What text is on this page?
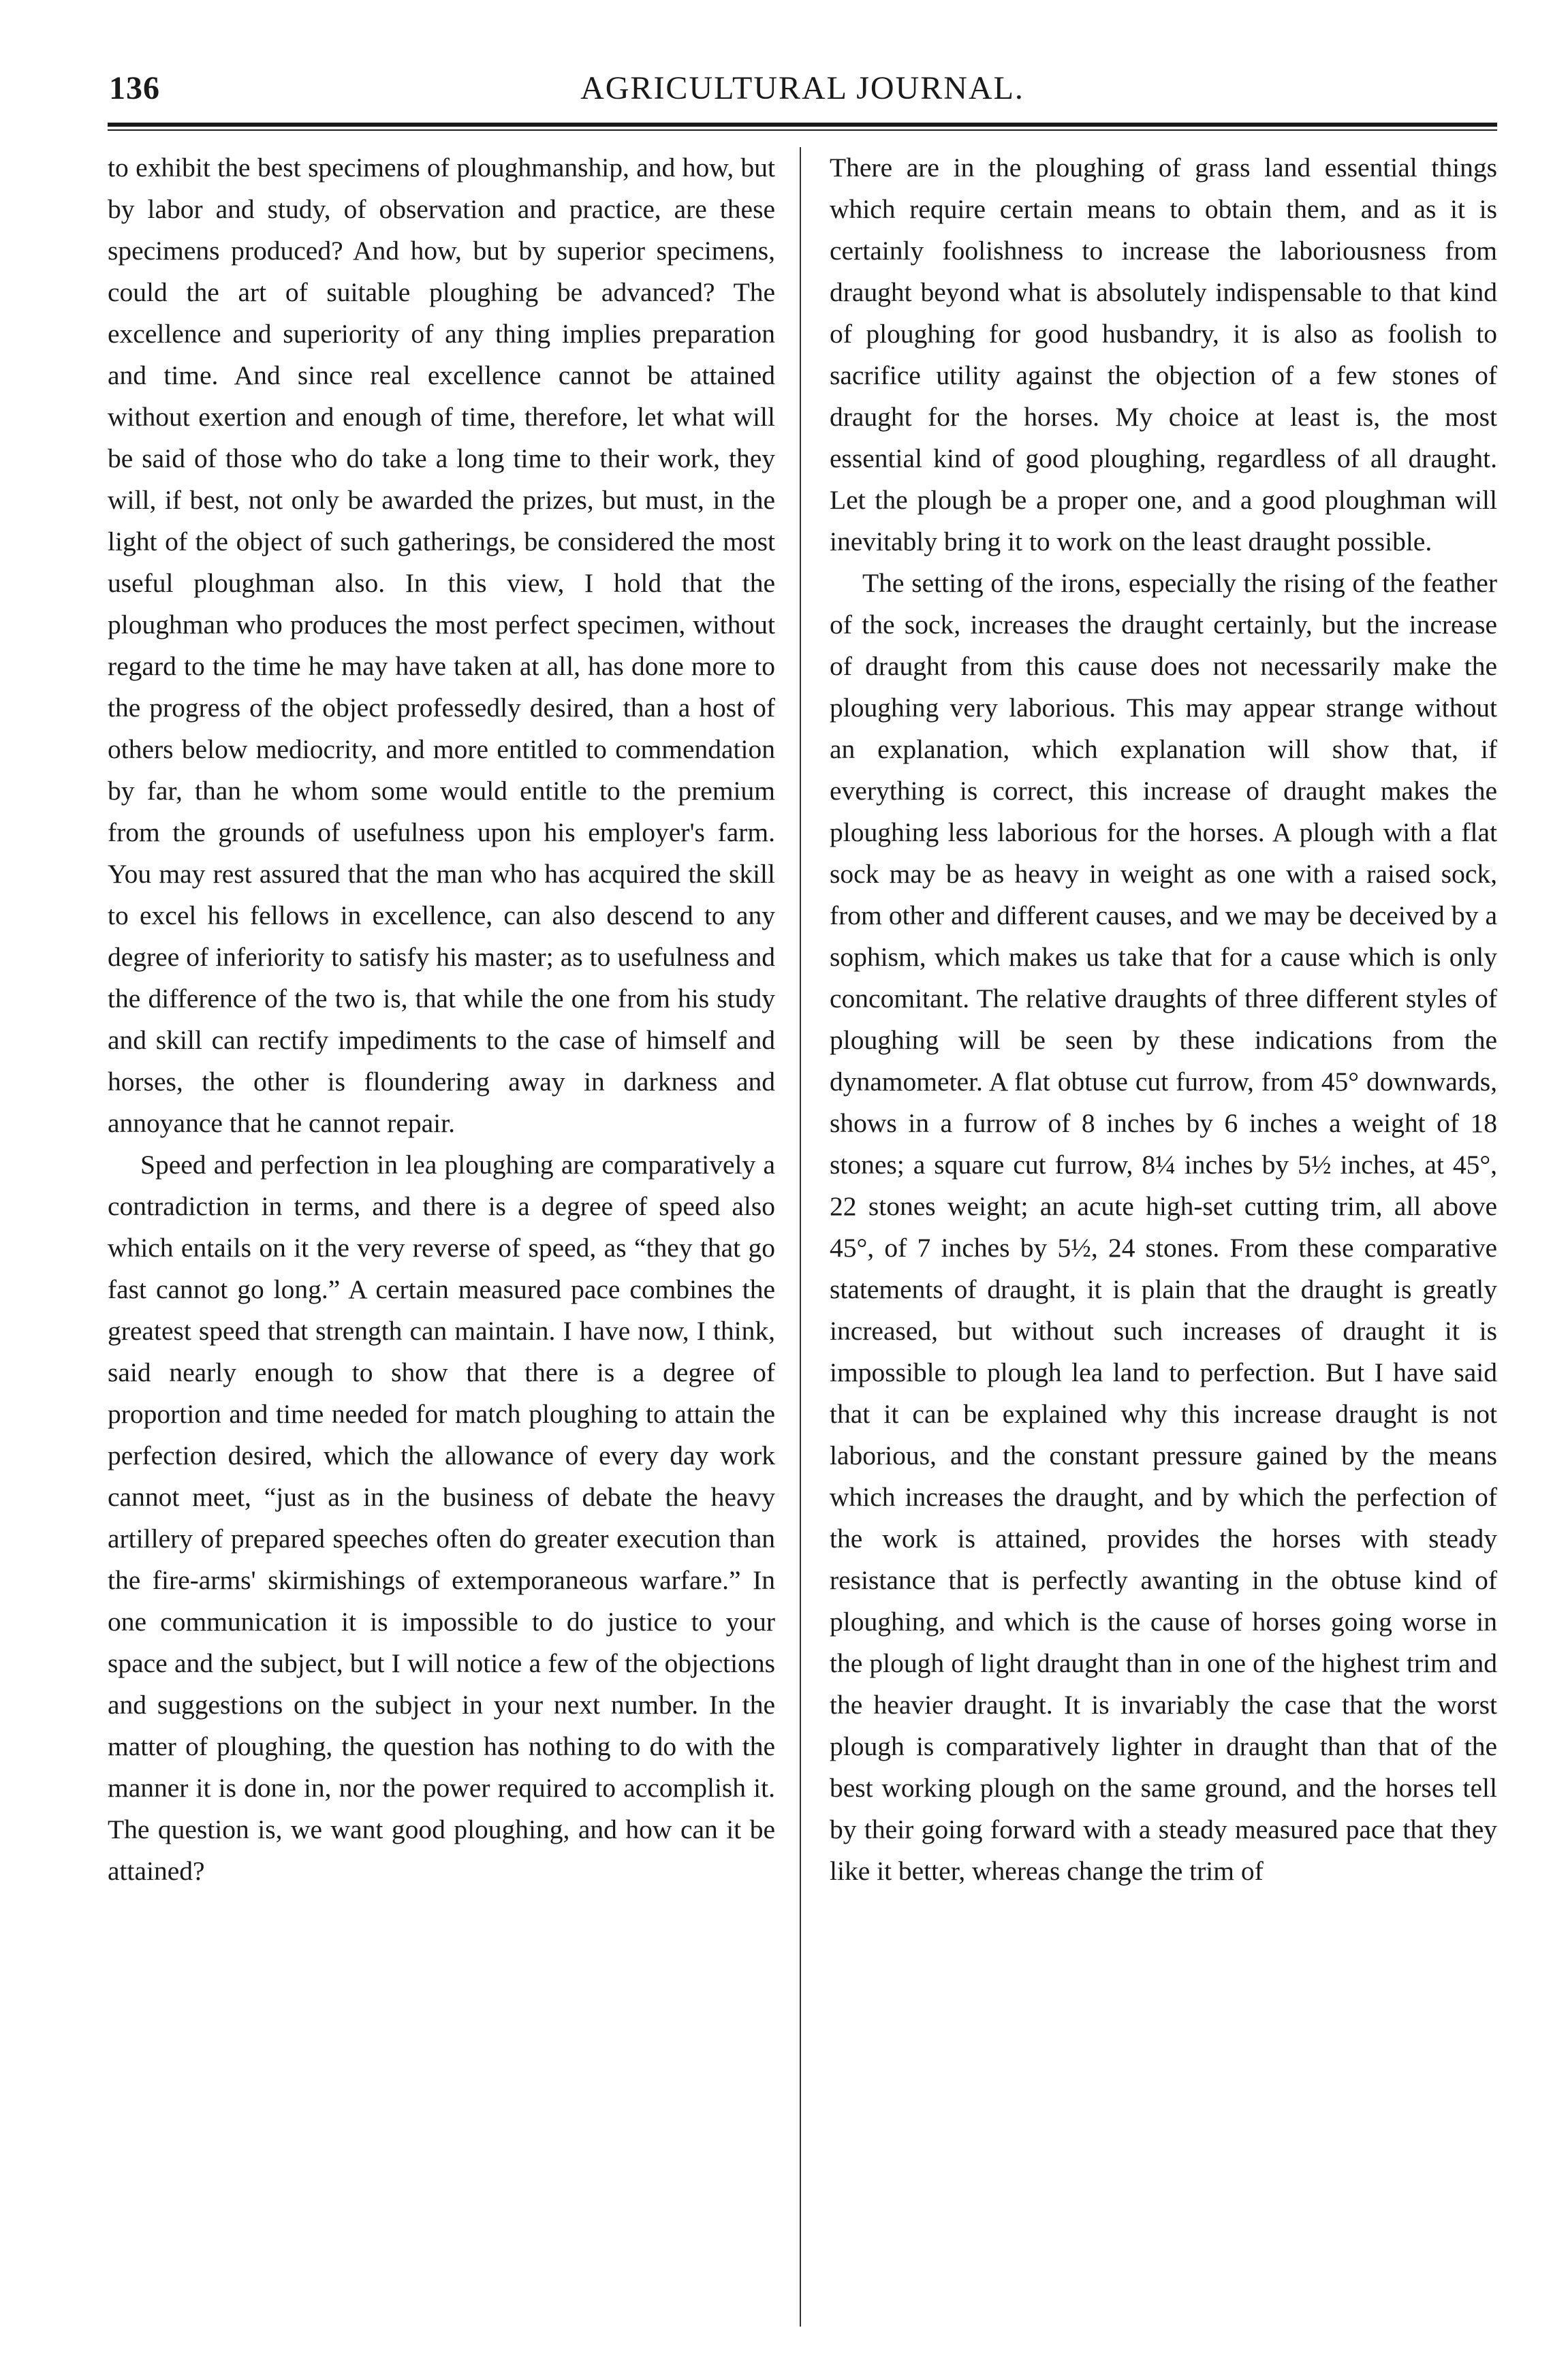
136	AGRICULTURAL JOURNAL.

to exhibit the best specimens of ploughmanship, and how, but by labor and study, of observation and practice, are these specimens produced? And how, but by superior specimens, could the art of suitable ploughing be advanced? The excellence and superiority of any thing implies preparation and time. And since real excellence cannot be attained without exertion and enough of time, therefore, let what will be said of those who do take a long time to their work, they will, if best, not only be awarded the prizes, but must, in the light of the object of such gatherings, be considered the most useful ploughman also. In this view, I hold that the ploughman who produces the most perfect specimen, without regard to the time he may have taken at all, has done more to the progress of the object professedly desired, than a host of others below mediocrity, and more entitled to commendation by far, than he whom some would entitle to the premium from the grounds of usefulness upon his employer's farm. You may rest assured that the man who has acquired the skill to excel his fellows in excellence, can also descend to any degree of inferiority to satisfy his master; as to usefulness and the difference of the two is, that while the one from his study and skill can rectify impediments to the case of himself and horses, the other is floundering away in darkness and annoyance that he cannot repair.

Speed and perfection in lea ploughing are comparatively a contradiction in terms, and there is a degree of speed also which entails on it the very reverse of speed, as “they that go fast cannot go long.” A certain measured pace combines the greatest speed that strength can maintain. I have now, I think, said nearly enough to show that there is a degree of proportion and time needed for match ploughing to attain the perfection desired, which the allowance of every day work cannot meet, “just as in the business of debate the heavy artillery of prepared speeches often do greater execution than the fire-arms' skirmishings of extemporaneous warfare.” In one communication it is impossible to do justice to your space and the subject, but I will notice a few of the objections and suggestions on the subject in your next number. In the matter of ploughing, the question has nothing to do with the manner it is done in, nor the power required to accomplish it. The question is, we want good ploughing, and how can it be attained?

There are in the ploughing of grass land essential things which require certain means to obtain them, and as it is certainly foolishness to increase the laboriousness from draught beyond what is absolutely indispensable to that kind of ploughing for good husbandry, it is also as foolish to sacrifice utility against the objection of a few stones of draught for the horses. My choice at least is, the most essential kind of good ploughing, regardless of all draught. Let the plough be a proper one, and a good ploughman will inevitably bring it to work on the least draught possible.

The setting of the irons, especially the rising of the feather of the sock, increases the draught certainly, but the increase of draught from this cause does not necessarily make the ploughing very laborious. This may appear strange without an explanation, which explanation will show that, if everything is correct, this increase of draught makes the ploughing less laborious for the horses. A plough with a flat sock may be as heavy in weight as one with a raised sock, from other and different causes, and we may be deceived by a sophism, which makes us take that for a cause which is only concomitant. The relative draughts of three different styles of ploughing will be seen by these indications from the dynamometer. A flat obtuse cut furrow, from 45° downwards, shows in a furrow of 8 inches by 6 inches a weight of 18 stones; a square cut furrow, 8¼ inches by 5½ inches, at 45°, 22 stones weight; an acute high-set cutting trim, all above 45°, of 7 inches by 5½, 24 stones. From these comparative statements of draught, it is plain that the draught is greatly increased, but without such increases of draught it is impossible to plough lea land to perfection. But I have said that it can be explained why this increase draught is not laborious, and the constant pressure gained by the means which increases the draught, and by which the perfection of the work is attained, provides the horses with steady resistance that is perfectly awanting in the obtuse kind of ploughing, and which is the cause of horses going worse in the plough of light draught than in one of the highest trim and the heavier draught. It is invariably the case that the worst plough is comparatively lighter in draught than that of the best working plough on the same ground, and the horses tell by their going forward with a steady measured pace that they like it better, whereas change the trim of
